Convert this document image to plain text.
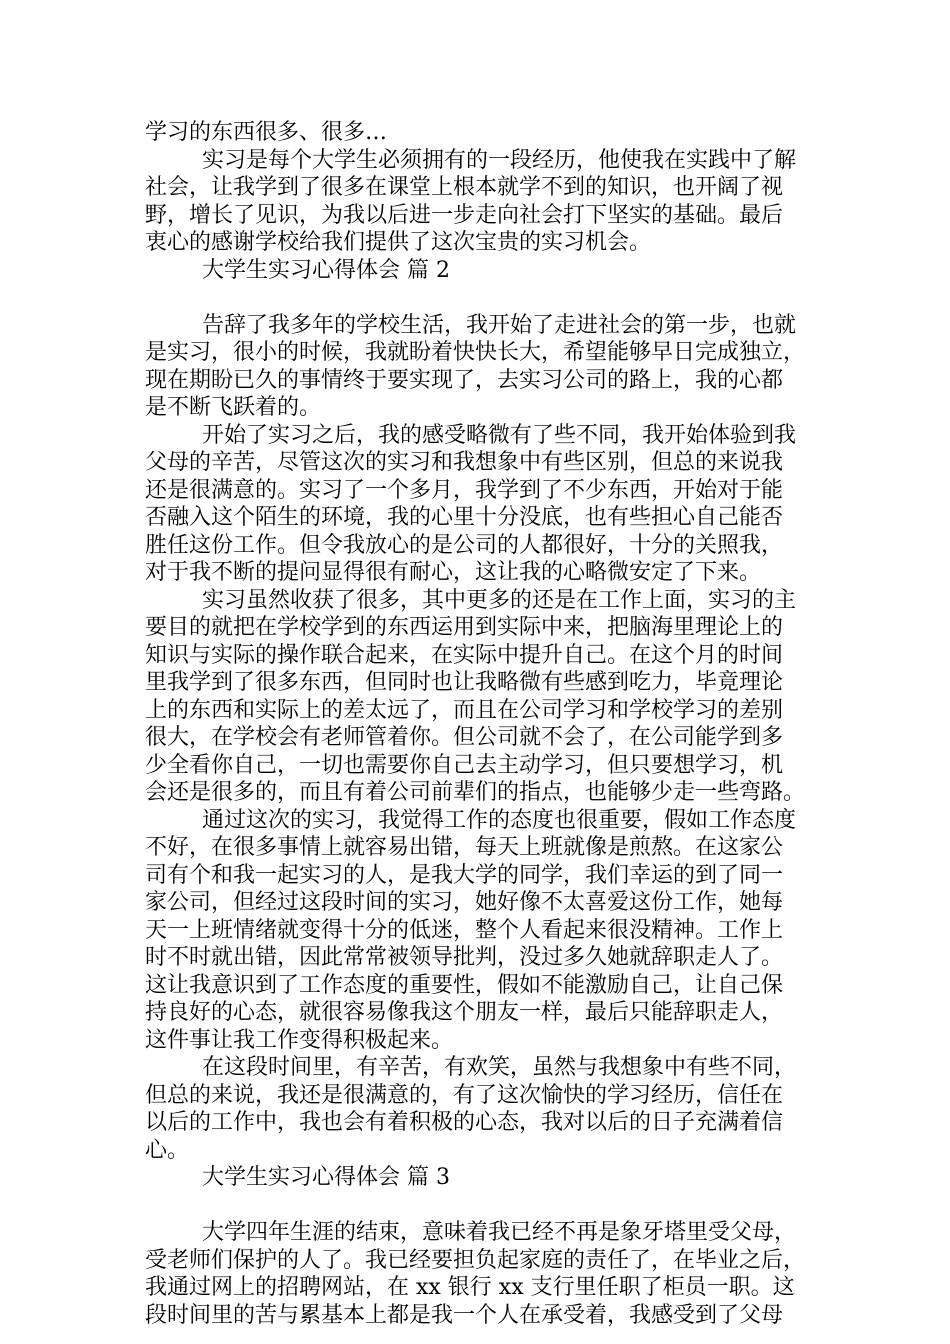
学习的东西很多、很多…
实习是每个大学生必须拥有的一段经历，他使我在实践中了解
社会，让我学到了很多在课堂上根本就学不到的知识，也开阔了视
野，增长了见识，为我以后进一步走向社会打下坚实的基础。最后
衷心的感谢学校给我们提供了这次宝贵的实习机会。
大学生实习心得体会 篇 2
告辞了我多年的学校生活，我开始了走进社会的第一步，也就
是实习，很小的时候，我就盼着快快长大，希望能够早日完成独立，
现在期盼已久的事情终于要实现了，去实习公司的路上，我的心都
是不断飞跃着的。
开始了实习之后，我的感受略微有了些不同，我开始体验到我
父母的辛苦，尽管这次的实习和我想象中有些区别，但总的来说我
还是很满意的。实习了一个多月，我学到了不少东西，开始对于能
否融入这个陌生的环境，我的心里十分没底，也有些担心自己能否
胜任这份工作。但令我放心的是公司的人都很好，十分的关照我，
对于我不断的提问显得很有耐心，这让我的心略微安定了下来。
实习虽然收获了很多，其中更多的还是在工作上面，实习的主
要目的就把在学校学到的东西运用到实际中来，把脑海里理论上的
知识与实际的操作联合起来，在实际中提升自己。在这个月的时间
里我学到了很多东西，但同时也让我略微有些感到吃力，毕竟理论
上的东西和实际上的差太远了，而且在公司学习和学校学习的差别
很大，在学校会有老师管着你。但公司就不会了，在公司能学到多
少全看你自己，一切也需要你自己去主动学习，但只要想学习，机
会还是很多的，而且有着公司前辈们的指点，也能够少走一些弯路。
通过这次的实习，我觉得工作的态度也很重要，假如工作态度
不好，在很多事情上就容易出错，每天上班就像是煎熬。在这家公
司有个和我一起实习的人，是我大学的同学，我们幸运的到了同一
家公司，但经过这段时间的实习，她好像不太喜爱这份工作，她每
天一上班情绪就变得十分的低迷，整个人看起来很没精神。工作上
时不时就出错，因此常常被领导批判，没过多久她就辞职走人了。
这让我意识到了工作态度的重要性，假如不能激励自己，让自己保
持良好的心态，就很容易像我这个朋友一样，最后只能辞职走人，
这件事让我工作变得积极起来。
在这段时间里，有辛苦，有欢笑，虽然与我想象中有些不同，
但总的来说，我还是很满意的，有了这次愉快的学习经历，信任在
以后的工作中，我也会有着积极的心态，我对以后的日子充满着信
心。
大学生实习心得体会 篇 3
大学四年生涯的结束，意味着我已经不再是象牙塔里受父母，
受老师们保护的人了。我已经要担负起家庭的责任了，在毕业之后，
我通过网上的招聘网站，在 xx 银行 xx 支行里任职了柜员一职。这
段时间里的苦与累基本上都是我一个人在承受着，我感受到了父母
